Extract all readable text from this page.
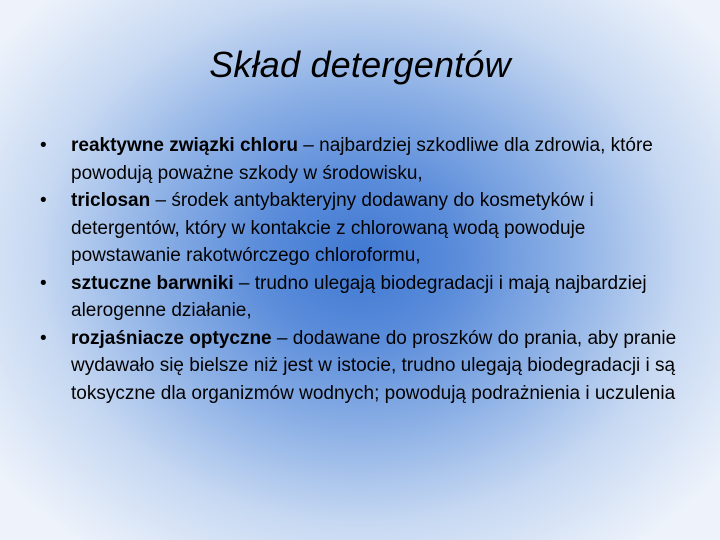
Skład detergentów
•	reaktywne związki chloru – najbardziej szkodliwe dla zdrowia, które powodują poważne szkody w środowisku,
•	triclosan – środek antybakteryjny dodawany do kosmetyków i detergentów, który w kontakcie z chlorowaną wodą powoduje powstawanie rakotwórczego chloroformu,
•	sztuczne barwniki – trudno ulegają biodegradacji i mają najbardziej alerogenne działanie,
•	rozjaśniacze optyczne – dodawane do proszków do prania, aby pranie wydawało się bielsze niż jest w istocie, trudno ulegają biodegradacji i są toksyczne dla organizmów wodnych; powodują podrażnienia i uczulenia
